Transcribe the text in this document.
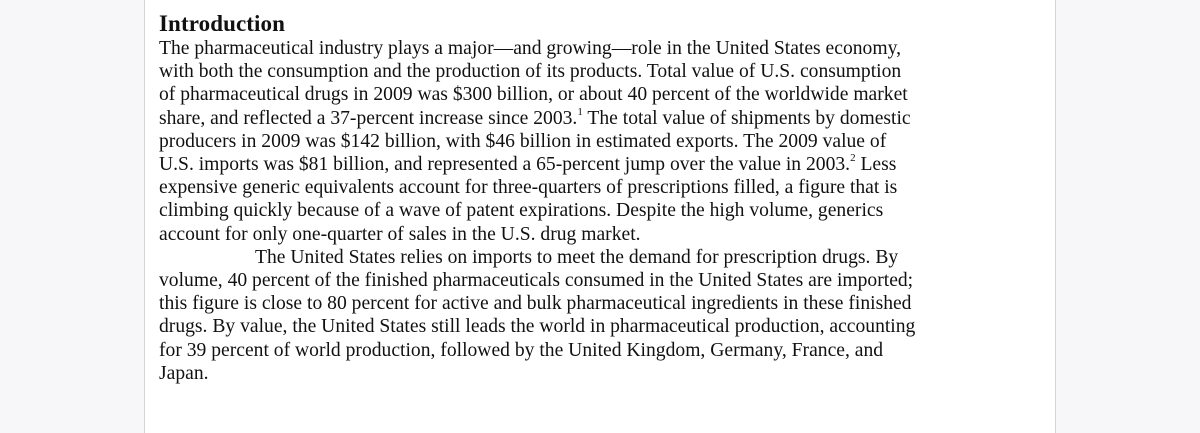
Introduction

The pharmaceutical industry plays a major—and growing—role in the United States economy,
with both the consumption and the production of its products. Total value of U.S. consumption
of pharmaceutical drugs in 2009 was $300 billion, or about 40 percent of the worldwide market
share, and reflected a 37-percent increase since 2003.$^1$ The total value of shipments by domestic
producers in 2009 was $142 billion, with $46 billion in estimated exports. The 2009 value of
U.S. imports was $81 billion, and represented a 65-percent jump over the value in 2003.$^2$ Less
expensive generic equivalents account for three-quarters of prescriptions filled, a figure that is
climbing quickly because of a wave of patent expirations. Despite the high volume, generics
account for only one-quarter of sales in the U.S. drug market.

The United States relies on imports to meet the demand for prescription drugs. By
volume, 40 percent of the finished pharmaceuticals consumed in the United States are imported;
this figure is close to 80 percent for active and bulk pharmaceutical ingredients in these finished
drugs. By value, the United States still leads the world in pharmaceutical production, accounting
for 39 percent of world production, followed by the United Kingdom, Germany, France, and
Japan.
